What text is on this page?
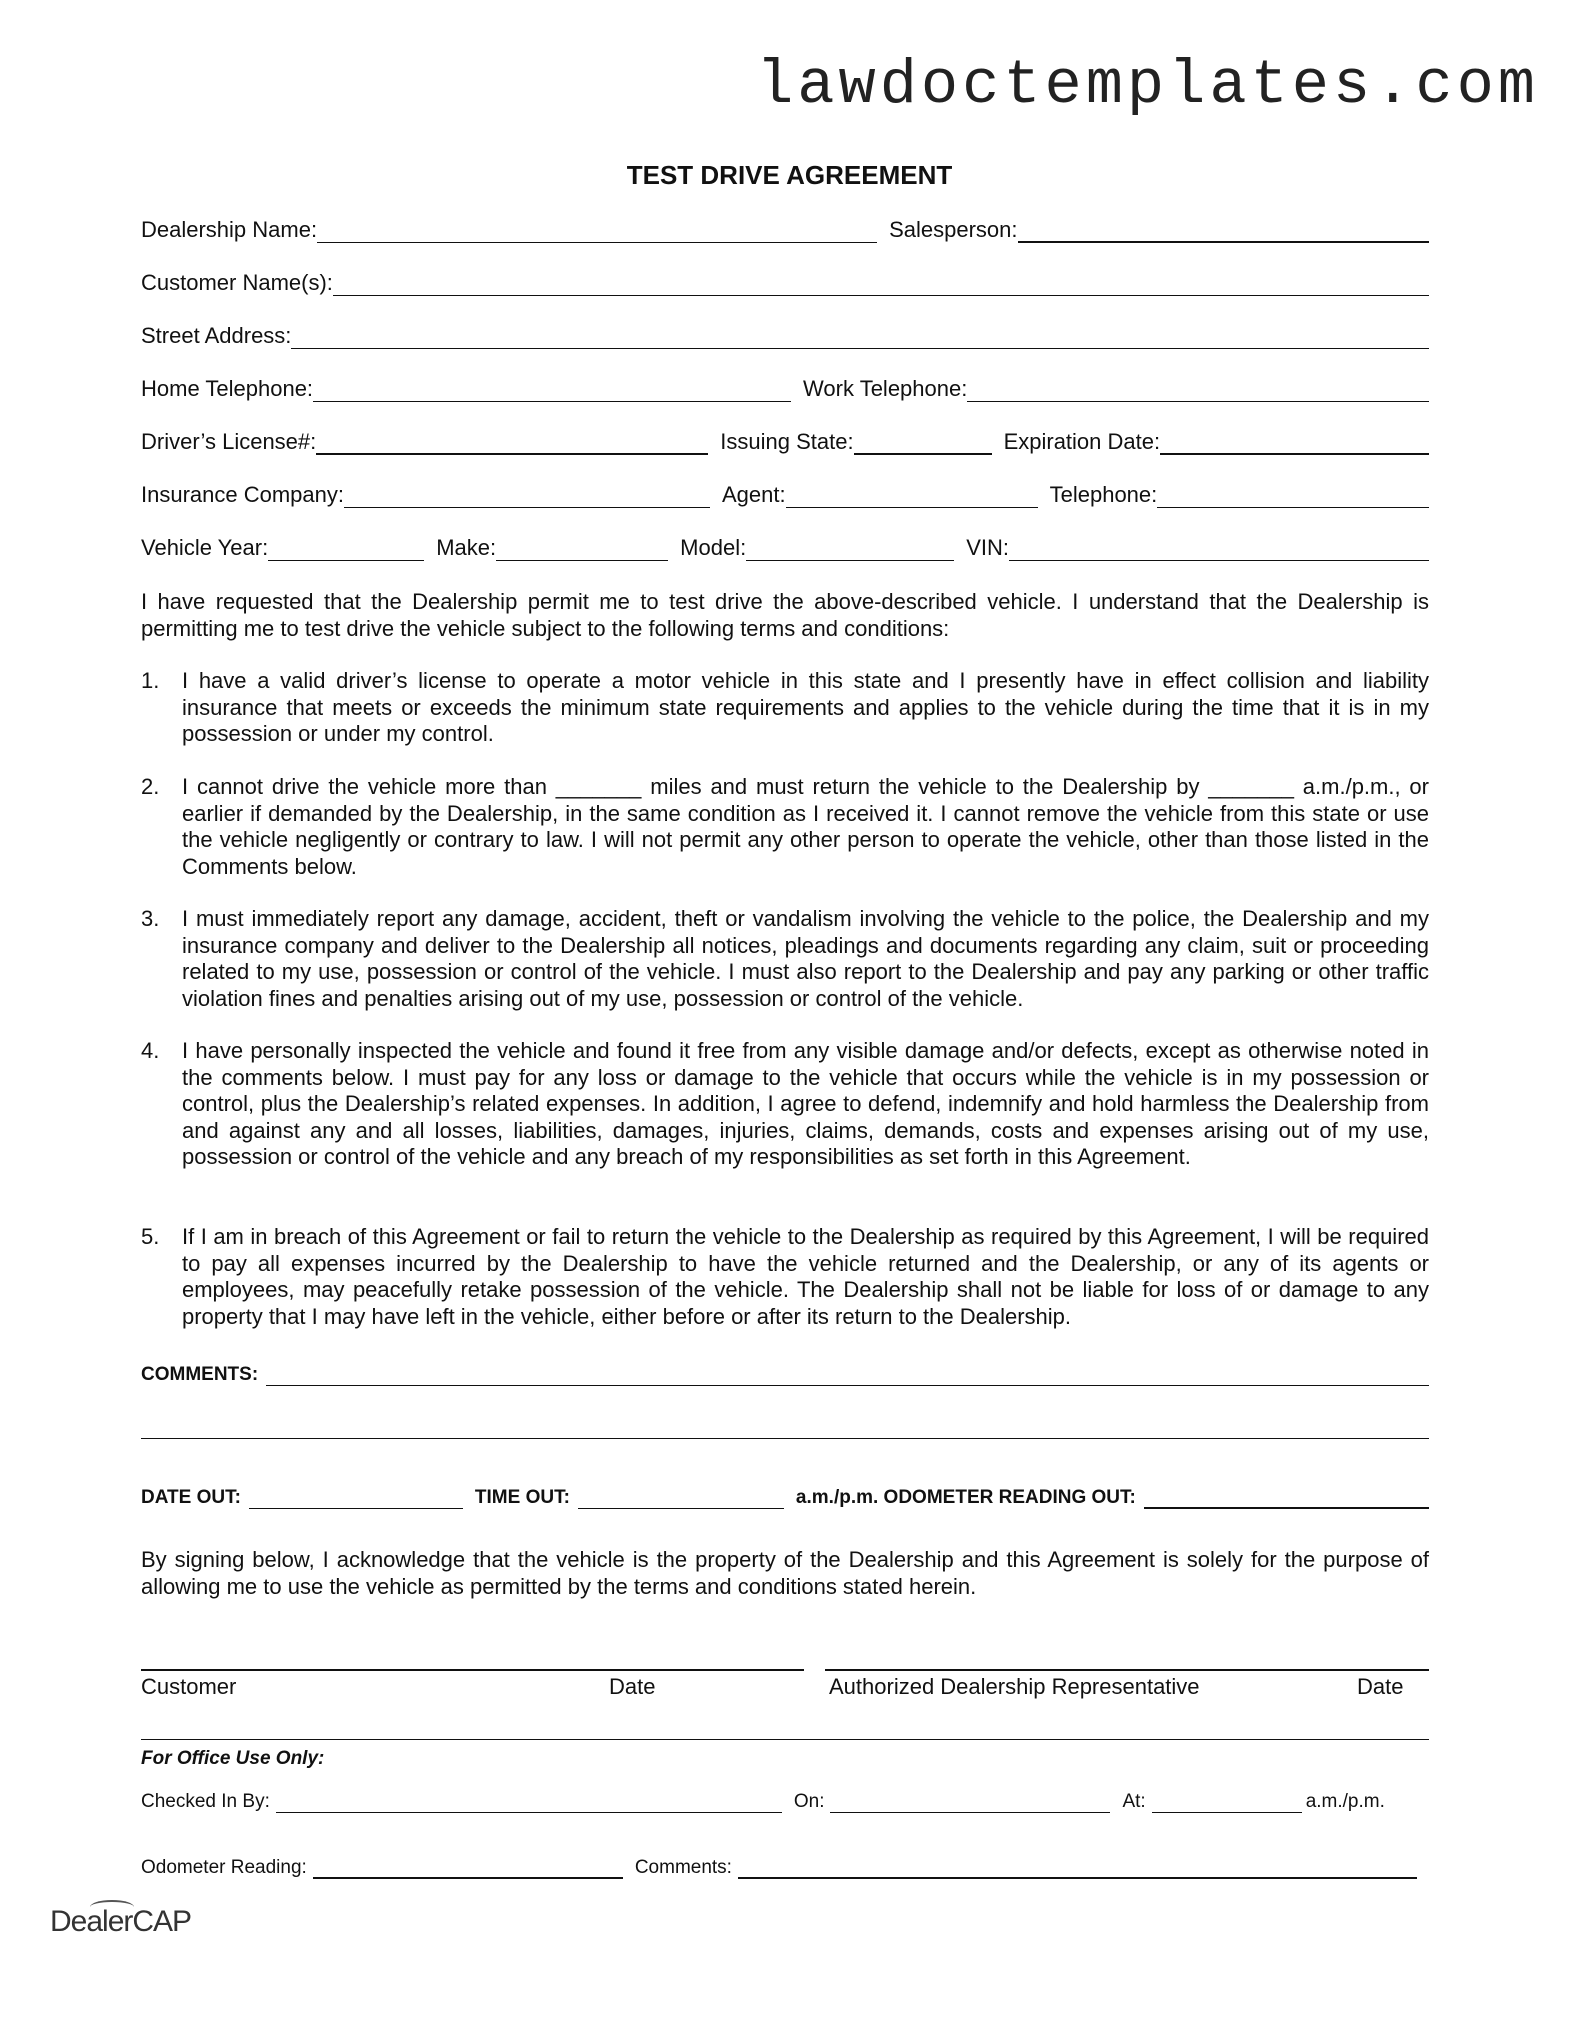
lawdoctemplates.com
TEST DRIVE AGREEMENT
Dealership Name:	Salesperson:
Customer Name(s):
Street Address:
Home Telephone:	Work Telephone:
Driver’s License#:	Issuing State:	Expiration Date:
Insurance Company:	Agent:	Telephone:
Vehicle Year:	Make:	Model:	VIN:
I have requested that the Dealership permit me to test drive the above-described vehicle. I understand that the Dealership is permitting me to test drive the vehicle subject to the following terms and conditions:
1. I have a valid driver’s license to operate a motor vehicle in this state and I presently have in effect collision and liability insurance that meets or exceeds the minimum state requirements and applies to the vehicle during the time that it is in my possession or under my control.
2. I cannot drive the vehicle more than _______ miles and must return the vehicle to the Dealership by _______ a.m./p.m., or earlier if demanded by the Dealership, in the same condition as I received it. I cannot remove the vehicle from this state or use the vehicle negligently or contrary to law. I will not permit any other person to operate the vehicle, other than those listed in the Comments below.
3. I must immediately report any damage, accident, theft or vandalism involving the vehicle to the police, the Dealership and my insurance company and deliver to the Dealership all notices, pleadings and documents regarding any claim, suit or proceeding related to my use, possession or control of the vehicle. I must also report to the Dealership and pay any parking or other traffic violation fines and penalties arising out of my use, possession or control of the vehicle.
4. I have personally inspected the vehicle and found it free from any visible damage and/or defects, except as otherwise noted in the comments below. I must pay for any loss or damage to the vehicle that occurs while the vehicle is in my possession or control, plus the Dealership’s related expenses. In addition, I agree to defend, indemnify and hold harmless the Dealership from and against any and all losses, liabilities, damages, injuries, claims, demands, costs and expenses arising out of my use, possession or control of the vehicle and any breach of my responsibilities as set forth in this Agreement.
5. If I am in breach of this Agreement or fail to return the vehicle to the Dealership as required by this Agreement, I will be required to pay all expenses incurred by the Dealership to have the vehicle returned and the Dealership, or any of its agents or employees, may peacefully retake possession of the vehicle. The Dealership shall not be liable for loss of or damage to any property that I may have left in the vehicle, either before or after its return to the Dealership.
COMMENTS:
DATE OUT:	TIME OUT:	a.m./p.m. ODOMETER READING OUT:
By signing below, I acknowledge that the vehicle is the property of the Dealership and this Agreement is solely for the purpose of allowing me to use the vehicle as permitted by the terms and conditions stated herein.
Customer	Date	Authorized Dealership Representative	Date
For Office Use Only:
Checked In By:	On:	At:	a.m./p.m.
Odometer Reading:	Comments:
DealerCAP
